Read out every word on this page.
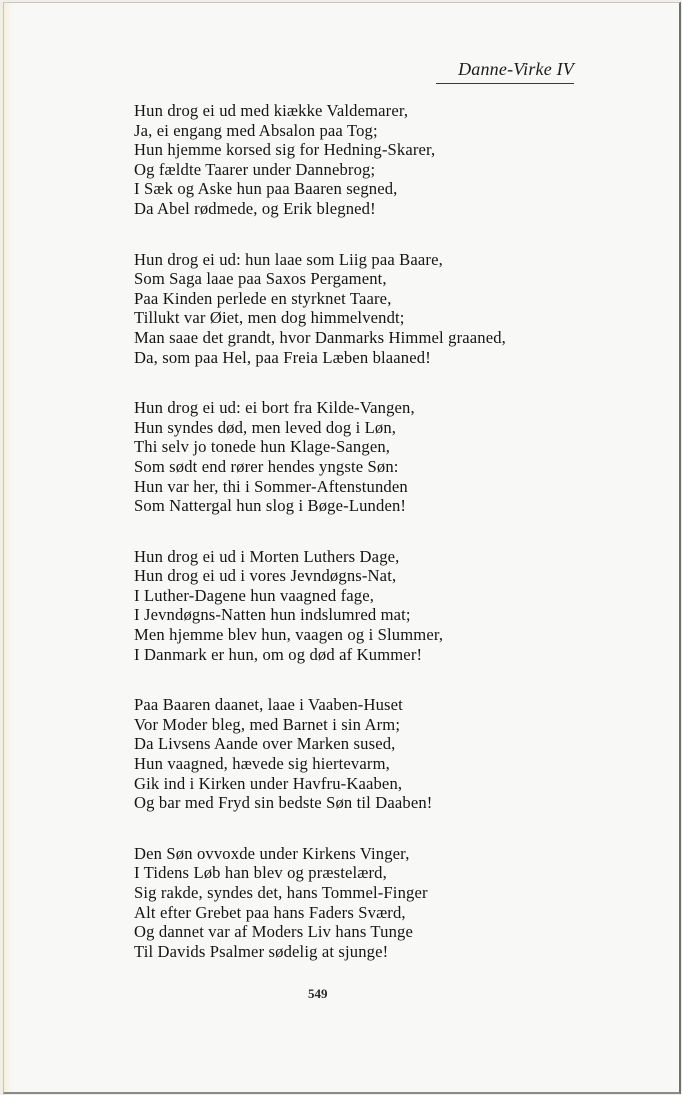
Danne-Virke IV
Hun drog ei ud med kiække Valdemarer,
Ja, ei engang med Absalon paa Tog;
Hun hjemme korsed sig for Hedning-Skarer,
Og fældte Taarer under Dannebrog;
I Sæk og Aske hun paa Baaren segned,
Da Abel rødmede, og Erik blegned!
Hun drog ei ud: hun laae som Liig paa Baare,
Som Saga laae paa Saxos Pergament,
Paa Kinden perlede en styrknet Taare,
Tillukt var Øiet, men dog himmelvendt;
Man saae det grandt, hvor Danmarks Himmel graaned,
Da, som paa Hel, paa Freia Læben blaaned!
Hun drog ei ud: ei bort fra Kilde-Vangen,
Hun syndes død, men leved dog i Løn,
Thi selv jo tonede hun Klage-Sangen,
Som sødt end rører hendes yngste Søn:
Hun var her, thi i Sommer-Aftenstunden
Som Nattergal hun slog i Bøge-Lunden!
Hun drog ei ud i Morten Luthers Dage,
Hun drog ei ud i vores Jevndøgns-Nat,
I Luther-Dagene hun vaagned fage,
I Jevndøgns-Natten hun indslumred mat;
Men hjemme blev hun, vaagen og i Slummer,
I Danmark er hun, om og død af Kummer!
Paa Baaren daanet, laae i Vaaben-Huset
Vor Moder bleg, med Barnet i sin Arm;
Da Livsens Aande over Marken sused,
Hun vaagned, hævede sig hiertevarm,
Gik ind i Kirken under Havfru-Kaaben,
Og bar med Fryd sin bedste Søn til Daaben!
Den Søn ovvoxde under Kirkens Vinger,
I Tidens Løb han blev og præstelærd,
Sig rakde, syndes det, hans Tommel-Finger
Alt efter Grebet paa hans Faders Sværd,
Og dannet var af Moders Liv hans Tunge
Til Davids Psalmer sødelig at sjunge!
549
